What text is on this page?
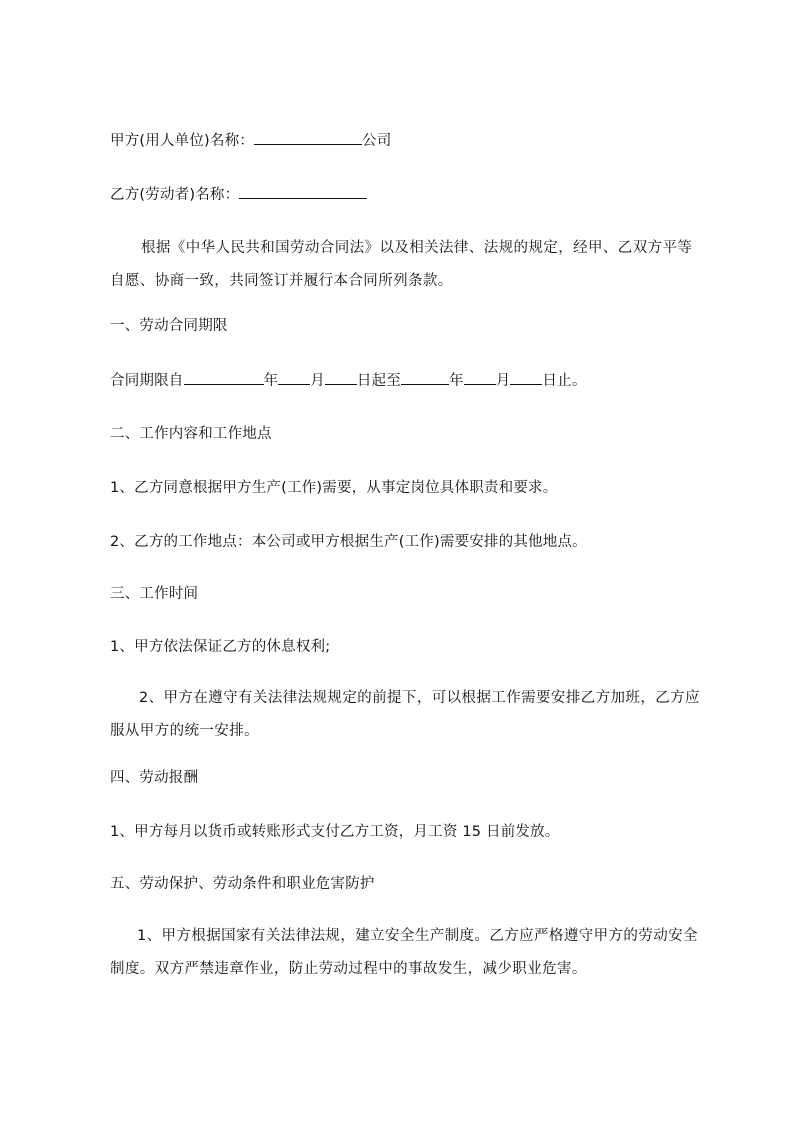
甲方(用人单位)名称：	公司
乙方(劳动者)名称：
根据《中华人民共和国劳动合同法》以及相关法律、法规的规定，经甲、乙双方平等自愿、协商一致，共同签订并履行本合同所列条款。
一、劳动合同期限
合同期限自	年 月 日起至	年 月 日止。
二、工作内容和工作地点
1、乙方同意根据甲方生产(工作)需要，从事定岗位具体职责和要求。
2、乙方的工作地点：本公司或甲方根据生产(工作)需要安排的其他地点。
三、工作时间
1、甲方依法保证乙方的休息权利;
2、甲方在遵守有关法律法规规定的前提下，可以根据工作需要安排乙方加班，乙方应服从甲方的统一安排。
四、劳动报酬
1、甲方每月以货币或转账形式支付乙方工资，月工资 15 日前发放。
五、劳动保护、劳动条件和职业危害防护
1、甲方根据国家有关法律法规，建立安全生产制度。乙方应严格遵守甲方的劳动安全制度。双方严禁违章作业，防止劳动过程中的事故发生，减少职业危害。
